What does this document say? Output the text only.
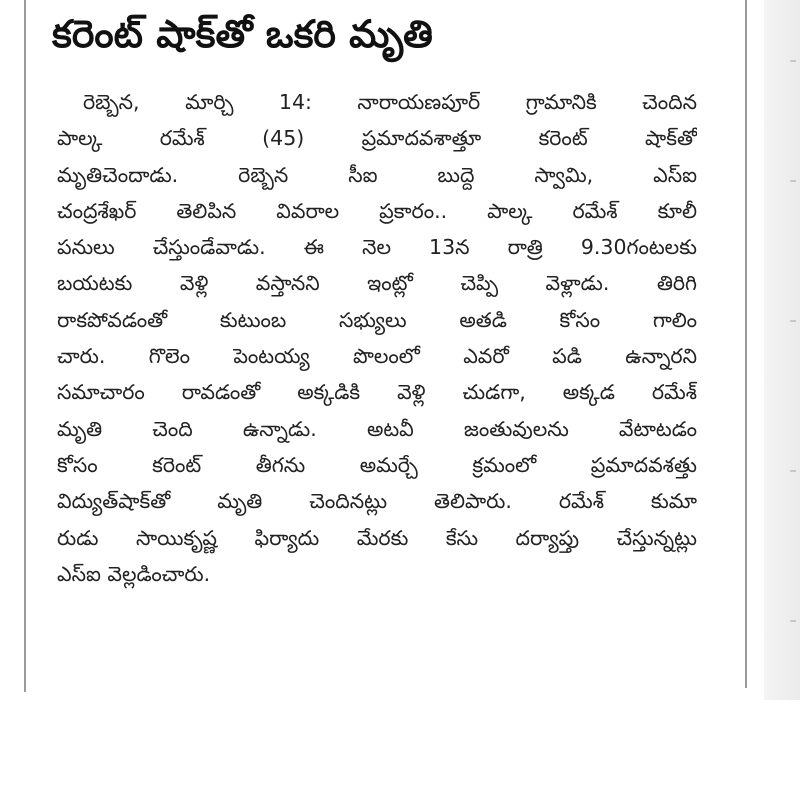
కరెంట్ షాక్‌తో ఒకరి మృతి
రెబ్బెన, మార్చి 14: నారాయణపూర్ గ్రామానికి చెందిన
పాల్క రమేశ్ (45) ప్రమాదవశాత్తూ కరెంట్ షాక్‌తో
మృతిచెందాడు. రెబ్బెన సీఐ బుద్దె స్వామి, ఎస్ఐ
చంద్రశేఖర్ తెలిపిన వివరాల ప్రకారం.. పాల్క రమేశ్ కూలీ
పనులు చేస్తుండేవాడు. ఈ నెల 13న రాత్రి 9.30గంటలకు
బయటకు వెళ్లి వస్తానని ఇంట్లో చెప్పి వెళ్లాడు. తిరిగి
రాకపోవడంతో కుటుంబ సభ్యులు అతడి కోసం గాలిం
చారు. గొలెం పెంటయ్య పొలంలో ఎవరో పడి ఉన్నారని
సమాచారం రావడంతో అక్కడికి వెళ్లి చుడగా, అక్కడ రమేశ్
మృతి చెంది ఉన్నాడు. అటవీ జంతువులను వేటాటడం
కోసం కరెంట్ తీగను అమర్చే క్రమంలో ప్రమాదవశత్తు
విద్యుత్‌షాక్‌తో మృతి చెందినట్లు తెలిపారు. రమేశ్ కుమా
రుడు సాయికృష్ణ ఫిర్యాదు మేరకు కేసు దర్యాప్తు చేస్తున్నట్లు
ఎస్ఐ వెల్లడించారు.
